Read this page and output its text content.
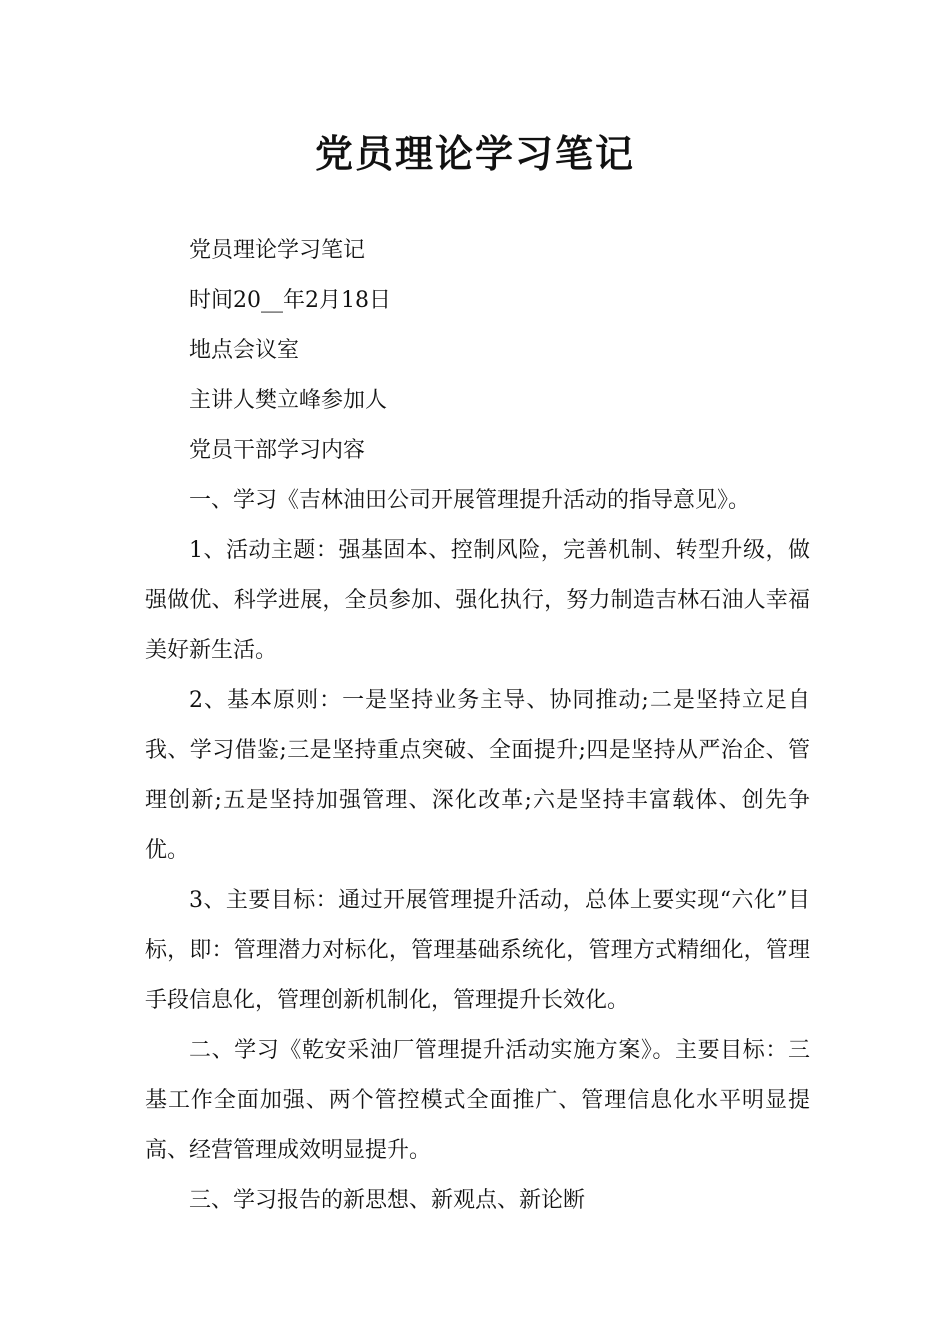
党员理论学习笔记

党员理论学习笔记

时间20__年2月18日

地点会议室

主讲人樊立峰参加人

党员干部学习内容

一、学习《吉林油田公司开展管理提升活动的指导意见》。

1、活动主题：强基固本、控制风险，完善机制、转型升级，做强做优、科学进展，全员参加、强化执行，努力制造吉林石油人幸福美好新生活。

2、基本原则：一是坚持业务主导、协同推动;二是坚持立足自我、学习借鉴;三是坚持重点突破、全面提升;四是坚持从严治企、管理创新;五是坚持加强管理、深化改革;六是坚持丰富载体、创先争优。

3、主要目标：通过开展管理提升活动，总体上要实现“六化”目标，即：管理潜力对标化，管理基础系统化，管理方式精细化，管理手段信息化，管理创新机制化，管理提升长效化。

二、学习《乾安采油厂管理提升活动实施方案》。主要目标：三基工作全面加强、两个管控模式全面推广、管理信息化水平明显提高、经营管理成效明显提升。

三、学习报告的新思想、新观点、新论断
